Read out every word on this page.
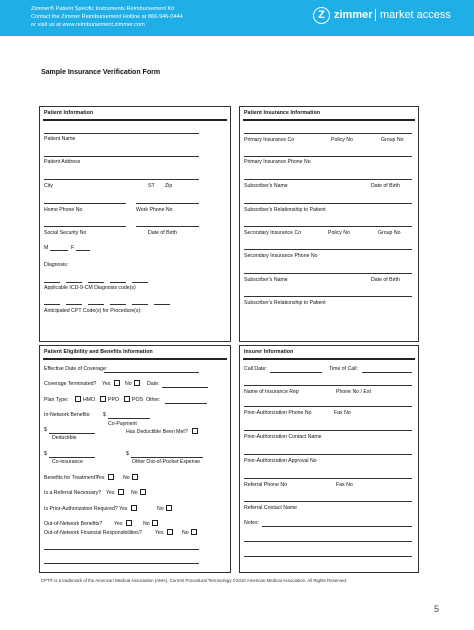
Zimmer® Patient Specific Instruments Reimbursement Kit
Contact the Zimmer Reimbursement Hotline at 866-946-0444
or visit us at www.reimbursement.zimmer.com
Z zimmer market access
Sample Insurance Verification Form
Patient Information
Patient Name
Patient Address
City	ST Zip
Home Phone No	Work Phone No
Social Security No	Date of Birth
M	F
Diagnosis:
Applicable ICD-9-CM Diagnosis code(s)
Anticipated CPT Code(s) for Procedure(s):
Patient Insurance Information
Primary Insurance Co	Policy No	Group No
Primary Insurance Phone No
Subscriber's Name	Date of Birth
Subscriber's Relationship to Patient
Secondary Insurance Co	Policy No	Group No
Secondary Insurance Phone No
Subscriber's Name	Date of Birth
Subscriber's Relationship to Patient
Patient Eligibility and Benefits Information
Effective Date of Coverage:
Coverage Terminated? Yes	No	Date:
Plan Type:	HMO PPO	POS Other:
In-Network Benefits: $
Co-Payment
$
Deductible
Has Deductible Been Met?
$
Co-insurance
$
Other Out-of-Pocket Expense
Benefits for Treatment?
Yes	No
Is a Referral Necessary? Yes	No
Is Prior-Authorization Required? Yes	No
Out-of-Network Benefits? Yes	No
Out-of-Network Financial Responsibilities?	Yes	No
Insurer Information
Call Date:	Time of Call:
Name of Insurance Rep	Phone No / Ext
Prior-Authorization Phone No	Fax No
Prior-Authorization Contact Name
Prior-Authorization Approval No
Referral Phone No	Fax No
Referral Contact Name
Notes:
CPT® is a trademark of the American Medical Association (AMA). Current Procedural Terminology ©2010 American Medical Association. All Rights Reserved.
5
